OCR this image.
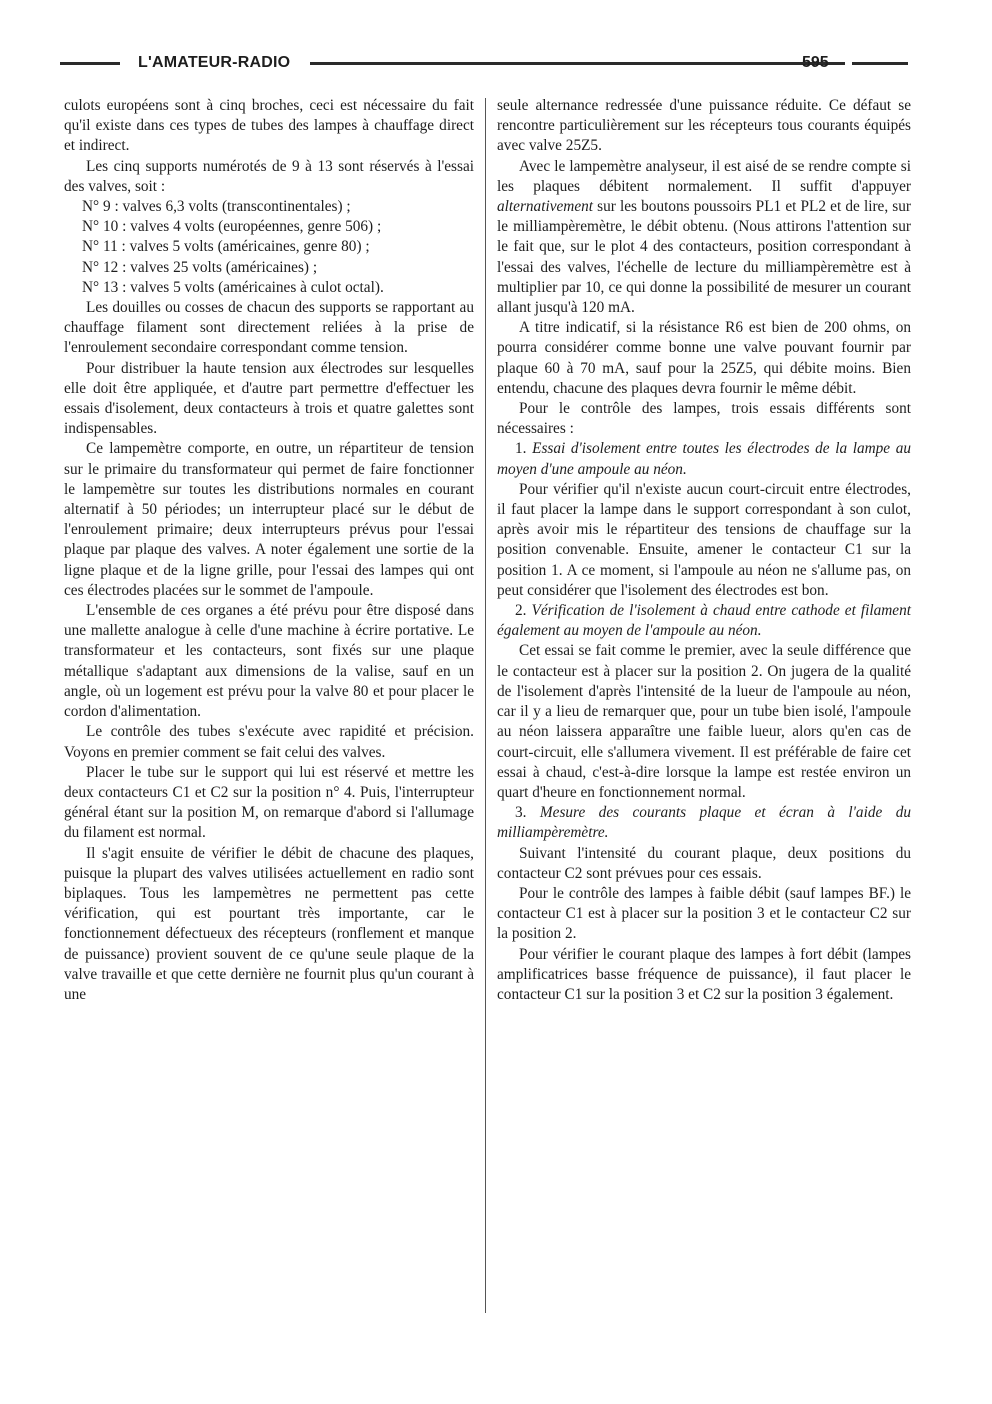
L'AMATEUR-RADIO	595

culots européens sont à cinq broches, ceci est nécessaire du fait qu'il existe dans ces types de tubes des lampes à chauffage direct et indirect.

Les cinq supports numérotés de 9 à 13 sont réservés à l'essai des valves, soit :

N° 9 : valves 6,3 volts (transcontinentales) ;

N° 10 : valves 4 volts (européennes, genre 506) ;

N° 11 : valves 5 volts (américaines, genre 80) ;

N° 12 : valves 25 volts (américaines) ;

N° 13 : valves 5 volts (américaines à culot octal).

Les douilles ou cosses de chacun des supports se rapportant au chauffage filament sont directement reliées à la prise de l'enroulement secondaire correspondant comme tension.

Pour distribuer la haute tension aux électrodes sur lesquelles elle doit être appliquée, et d'autre part permettre d'effectuer les essais d'isolement, deux contacteurs à trois et quatre galettes sont indispensables.

Ce lampemètre comporte, en outre, un répartiteur de tension sur le primaire du transformateur qui permet de faire fonctionner le lampemètre sur toutes les distributions normales en courant alternatif à 50 périodes; un interrupteur placé sur le début de l'enroulement primaire; deux interrupteurs prévus pour l'essai plaque par plaque des valves. A noter également une sortie de la ligne plaque et de la ligne grille, pour l'essai des lampes qui ont ces électrodes placées sur le sommet de l'ampoule.

L'ensemble de ces organes a été prévu pour être disposé dans une mallette analogue à celle d'une machine à écrire portative. Le transformateur et les contacteurs, sont fixés sur une plaque métallique s'adaptant aux dimensions de la valise, sauf en un angle, où un logement est prévu pour la valve 80 et pour placer le cordon d'alimentation.

Le contrôle des tubes s'exécute avec rapidité et précision. Voyons en premier comment se fait celui des valves.

Placer le tube sur le support qui lui est réservé et mettre les deux contacteurs C1 et C2 sur la position n° 4. Puis, l'interrupteur général étant sur la position M, on remarque d'abord si l'allumage du filament est normal.

Il s'agit ensuite de vérifier le débit de chacune des plaques, puisque la plupart des valves utilisées actuellement en radio sont biplaques. Tous les lampemètres ne permettent pas cette vérification, qui est pourtant très importante, car le fonctionnement défectueux des récepteurs (ronflement et manque de puissance) provient souvent de ce qu'une seule plaque de la valve travaille et que cette dernière ne fournit plus qu'un courant à une

seule alternance redressée d'une puissance réduite. Ce défaut se rencontre particulièrement sur les récepteurs tous courants équipés avec valve 25Z5.

Avec le lampemètre analyseur, il est aisé de se rendre compte si les plaques débitent normalement. Il suffit d'appuyer alternativement sur les boutons poussoirs PL1 et PL2 et de lire, sur le milliampèremètre, le débit obtenu. (Nous attirons l'attention sur le fait que, sur le plot 4 des contacteurs, position correspondant à l'essai des valves, l'échelle de lecture du milliampèremètre est à multiplier par 10, ce qui donne la possibilité de mesurer un courant allant jusqu'à 120 mA.

A titre indicatif, si la résistance R6 est bien de 200 ohms, on pourra considérer comme bonne une valve pouvant fournir par plaque 60 à 70 mA, sauf pour la 25Z5, qui débite moins. Bien entendu, chacune des plaques devra fournir le même débit.

Pour le contrôle des lampes, trois essais différents sont nécessaires :

1. Essai d'isolement entre toutes les électrodes de la lampe au moyen d'une ampoule au néon.

Pour vérifier qu'il n'existe aucun court-circuit entre électrodes, il faut placer la lampe dans le support correspondant à son culot, après avoir mis le répartiteur des tensions de chauffage sur la position convenable. Ensuite, amener le contacteur C1 sur la position 1. A ce moment, si l'ampoule au néon ne s'allume pas, on peut considérer que l'isolement des électrodes est bon.

2. Vérification de l'isolement à chaud entre cathode et filament également au moyen de l'ampoule au néon.

Cet essai se fait comme le premier, avec la seule différence que le contacteur est à placer sur la position 2. On jugera de la qualité de l'isolement d'après l'intensité de la lueur de l'ampoule au néon, car il y a lieu de remarquer que, pour un tube bien isolé, l'ampoule au néon laissera apparaître une faible lueur, alors qu'en cas de court-circuit, elle s'allumera vivement. Il est préférable de faire cet essai à chaud, c'est-à-dire lorsque la lampe est restée environ un quart d'heure en fonctionnement normal.

3. Mesure des courants plaque et écran à l'aide du milliampèremètre.

Suivant l'intensité du courant plaque, deux positions du contacteur C2 sont prévues pour ces essais.

Pour le contrôle des lampes à faible débit (sauf lampes BF.) le contacteur C1 est à placer sur la position 3 et le contacteur C2 sur la position 2.

Pour vérifier le courant plaque des lampes à fort débit (lampes amplificatrices basse fréquence de puissance), il faut placer le contacteur C1 sur la position 3 et C2 sur la position 3 également.
